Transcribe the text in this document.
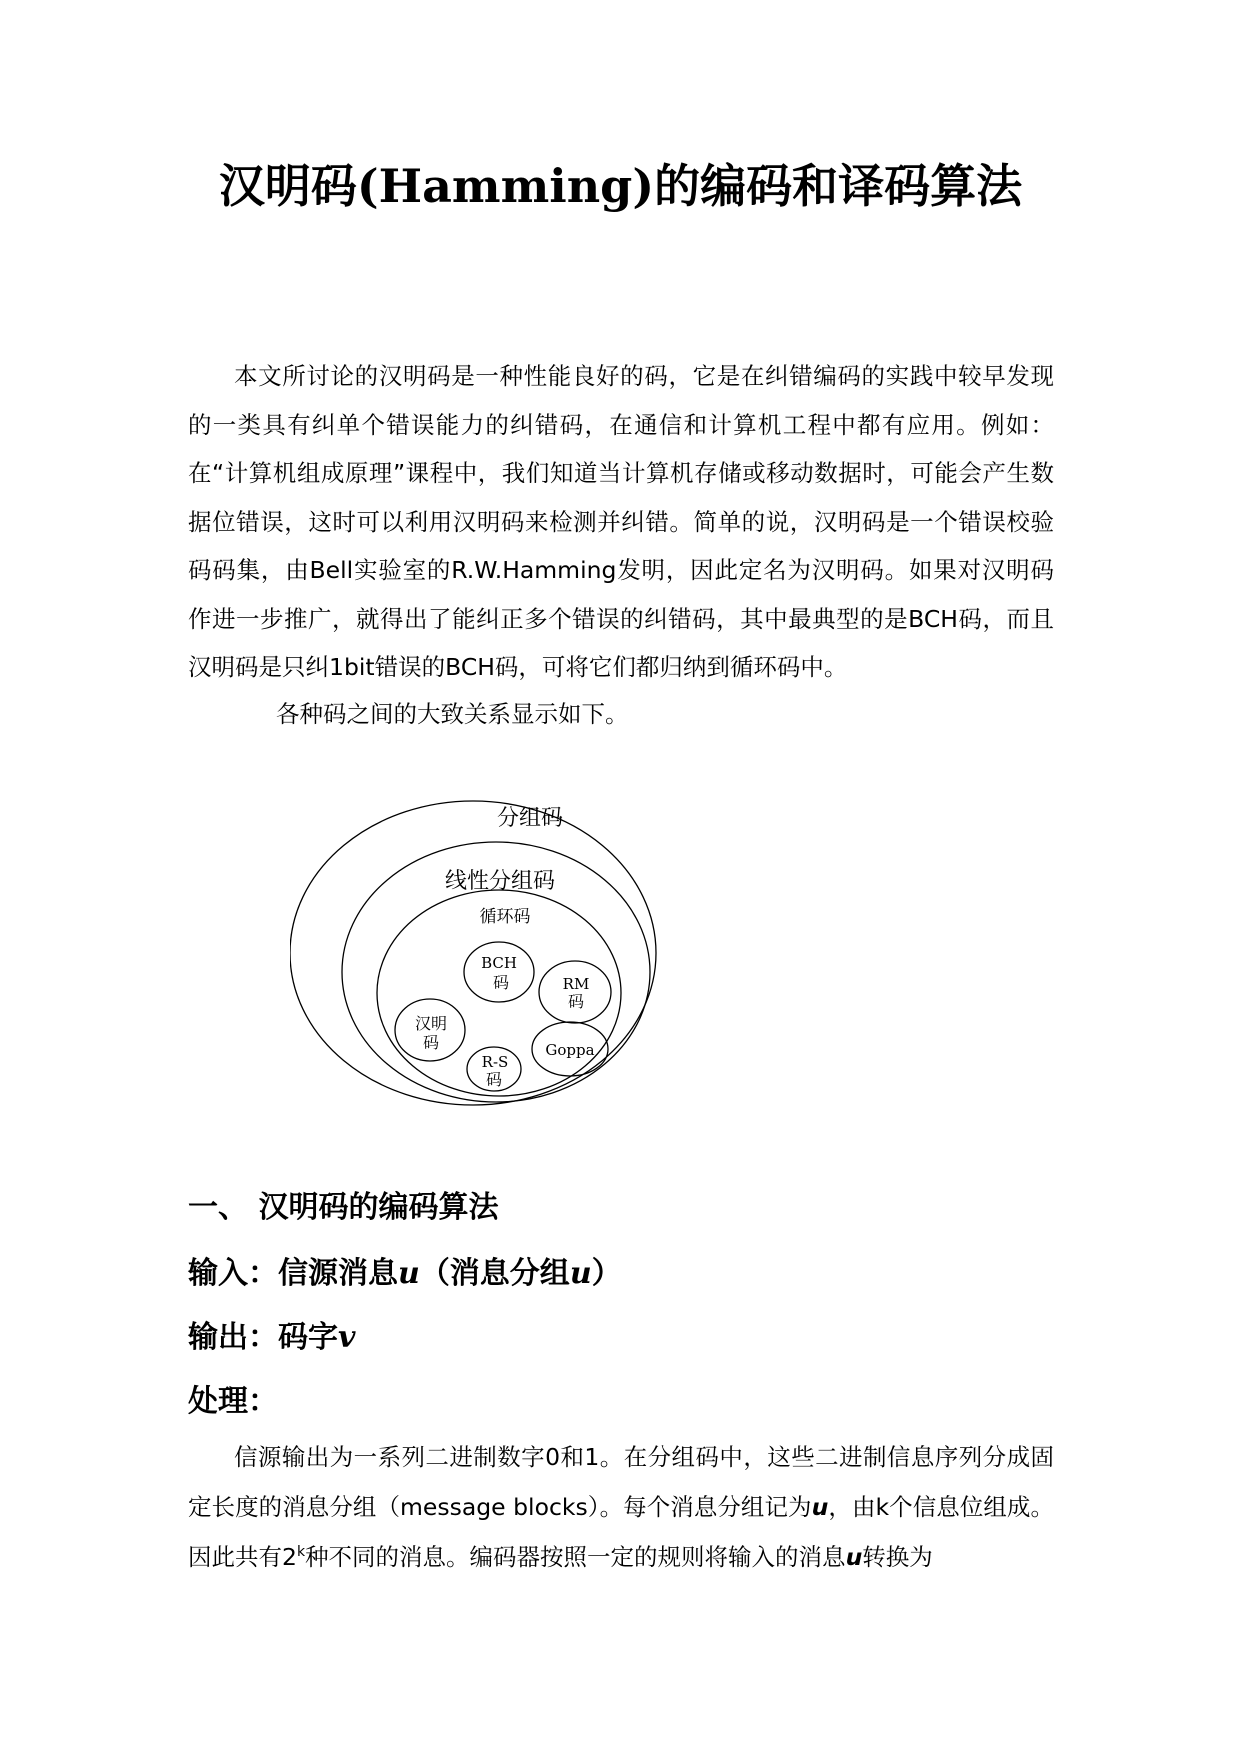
汉明码(Hamming)的编码和译码算法

本文所讨论的汉明码是一种性能良好的码，它是在纠错编码的实践中较早发现的一类具有纠单个错误能力的纠错码，在通信和计算机工程中都有应用。例如：在“计算机组成原理”课程中，我们知道当计算机存储或移动数据时，可能会产生数据位错误，这时可以利用汉明码来检测并纠错。简单的说，汉明码是一个错误校验码码集，由Bell实验室的R.W.Hamming发明，因此定名为汉明码。如果对汉明码作进一步推广，就得出了能纠正多个错误的纠错码，其中最典型的是BCH码，而且汉明码是只纠1bit错误的BCH码，可将它们都归纳到循环码中。

各种码之间的大致关系显示如下。

分组码
线性分组码
循环码
BCH
码	RM
码
汉明
码
R-S
码
Goppa
一、 汉明码的编码算法
输入：信源消息u（消息分组u）
输出：码字v
处理：

信源输出为一系列二进制数字0和1。在分组码中，这些二进制信息序列分成固定长度的消息分组（message blocks）。每个消息分组记为u，由k个信息位组成。因此共有2$^k$种不同的消息。编码器按照一定的规则将输入的消息u转换为
